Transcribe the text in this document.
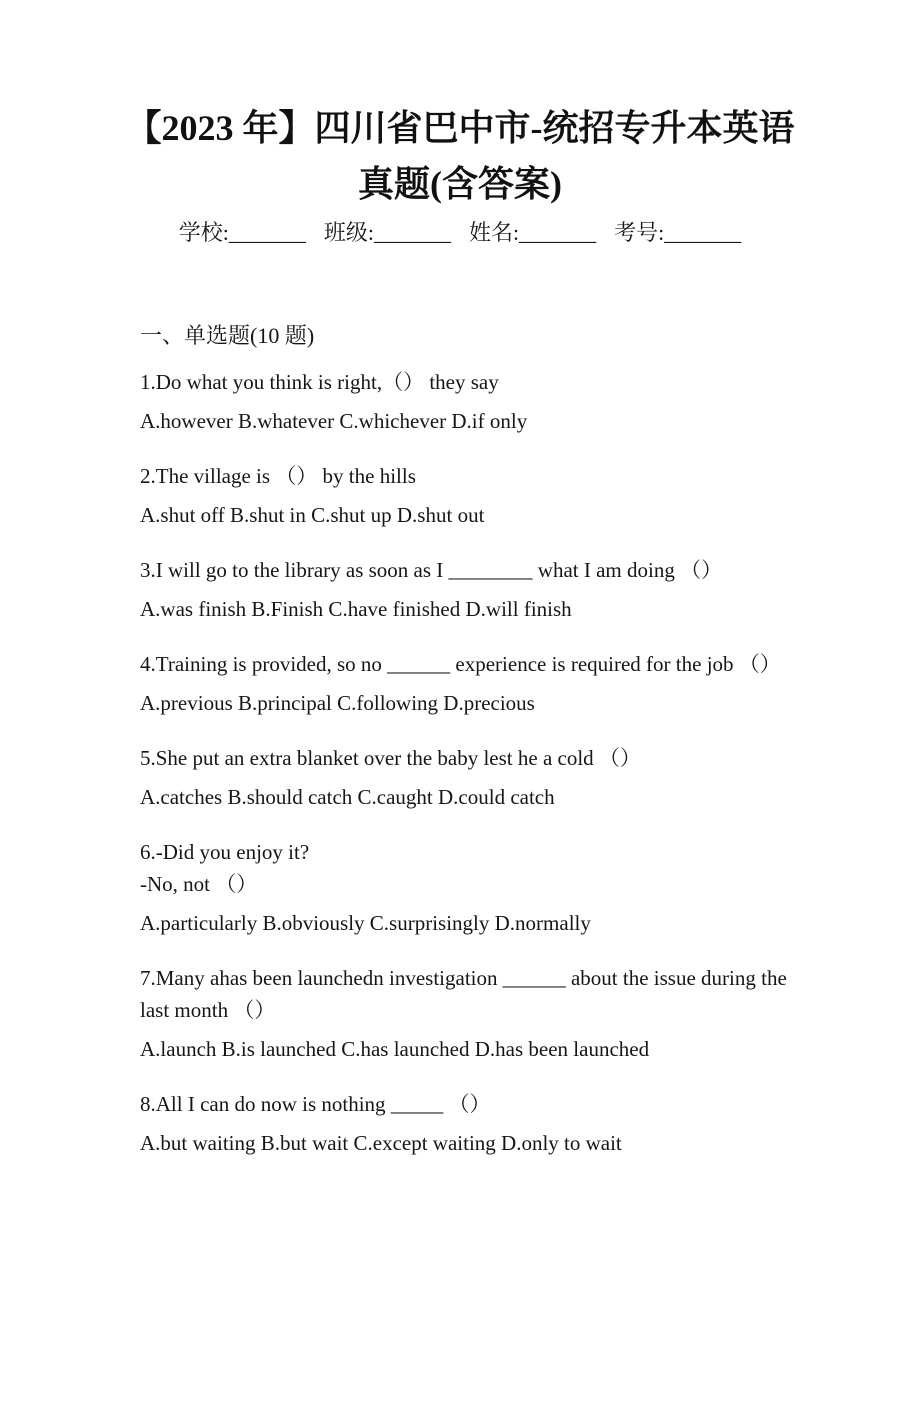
【2023 年】四川省巴中市-统招专升本英语
真题(含答案)
学校:_______ 班级:_______ 姓名:_______ 考号:_______
一、单选题(10 题)
1.Do what you think is right,（） they say
A.however B.whatever C.whichever D.if only
2.The village is （） by the hills
A.shut off B.shut in C.shut up D.shut out
3.I will go to the library as soon as I ________ what I am doing （）
A.was finish B.Finish C.have finished D.will finish
4.Training is provided, so no ______ experience is required for the job （）
A.previous B.principal C.following D.precious
5.She put an extra blanket over the baby lest he a cold （）
A.catches B.should catch C.caught D.could catch
6.-Did you enjoy it?
-No, not （）
A.particularly B.obviously C.surprisingly D.normally
7.Many ahas been launchedn investigation ______ about the issue during the
last month （）
A.launch B.is launched C.has launched D.has been launched
8.All I can do now is nothing _____ （）
A.but waiting B.but wait C.except waiting D.only to wait
